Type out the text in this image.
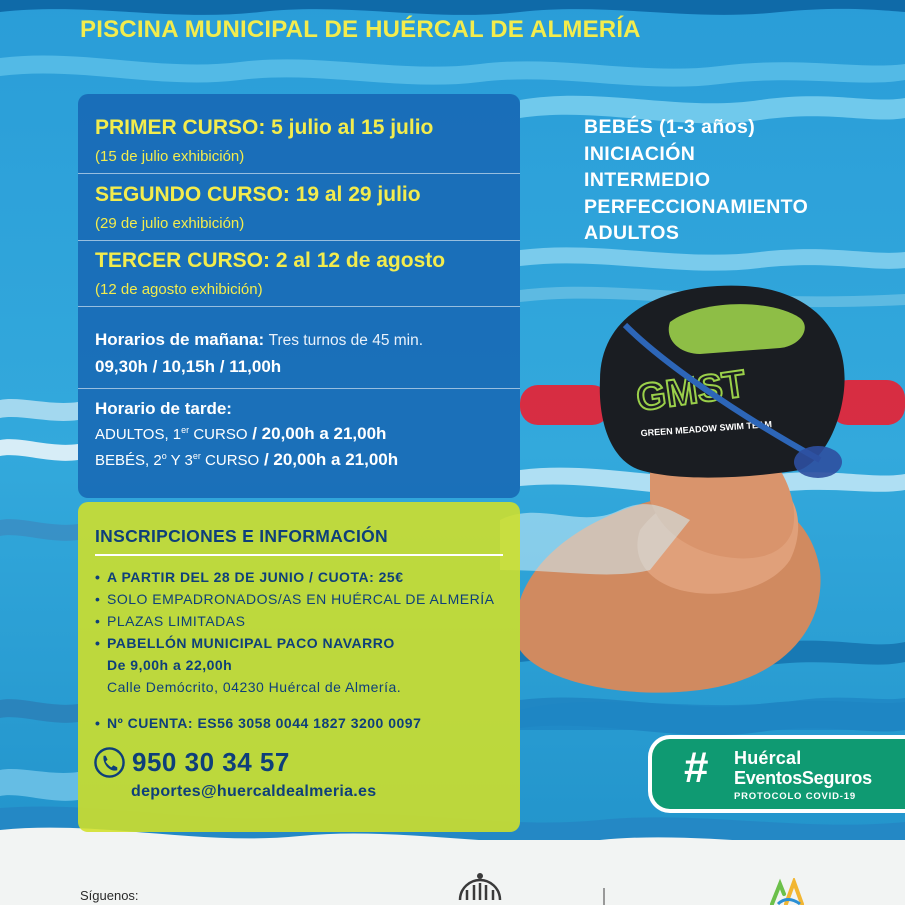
GMST
GREEN MEADOW SWIM TEAM
PISCINA MUNICIPAL DE HUÉRCAL DE ALMERÍA
PRIMER CURSO: 5 julio al 15 julio
(15 de julio exhibición)
SEGUNDO CURSO: 19 al 29 julio
(29 de julio exhibición)
TERCER CURSO: 2 al 12 de agosto
(12 de agosto exhibición)
Horarios de mañana: Tres turnos de 45 min.
09,30h / 10,15h / 11,00h
Horario de tarde:
ADULTOS, 1er CURSO / 20,00h a 21,00h
BEBÉS, 2$^o$ Y 3er CURSO / 20,00h a 21,00h
BEBÉS (1-3 años)
INICIACIÓN
INTERMEDIO
PERFECCIONAMIENTO
ADULTOS
INSCRIPCIONES E INFORMACIÓN
• A PARTIR DEL 28 DE JUNIO / CUOTA: 25€
• SOLO EMPADRONADOS/AS EN HUÉRCAL DE ALMERÍA
• PLAZAS LIMITADAS
• PABELLÓN MUNICIPAL PACO NAVARRO
De 9,00h a 22,00h
Calle Demócrito, 04230 Huércal de Almería.
• Nº CUENTA: ES56 3058 0044 1827 3200 0097
950 30 34 57
deportes@huercaldealmeria.es	# Huércal
EventosSeguros
PROTOCOLO COVID-19
Síguenos:
